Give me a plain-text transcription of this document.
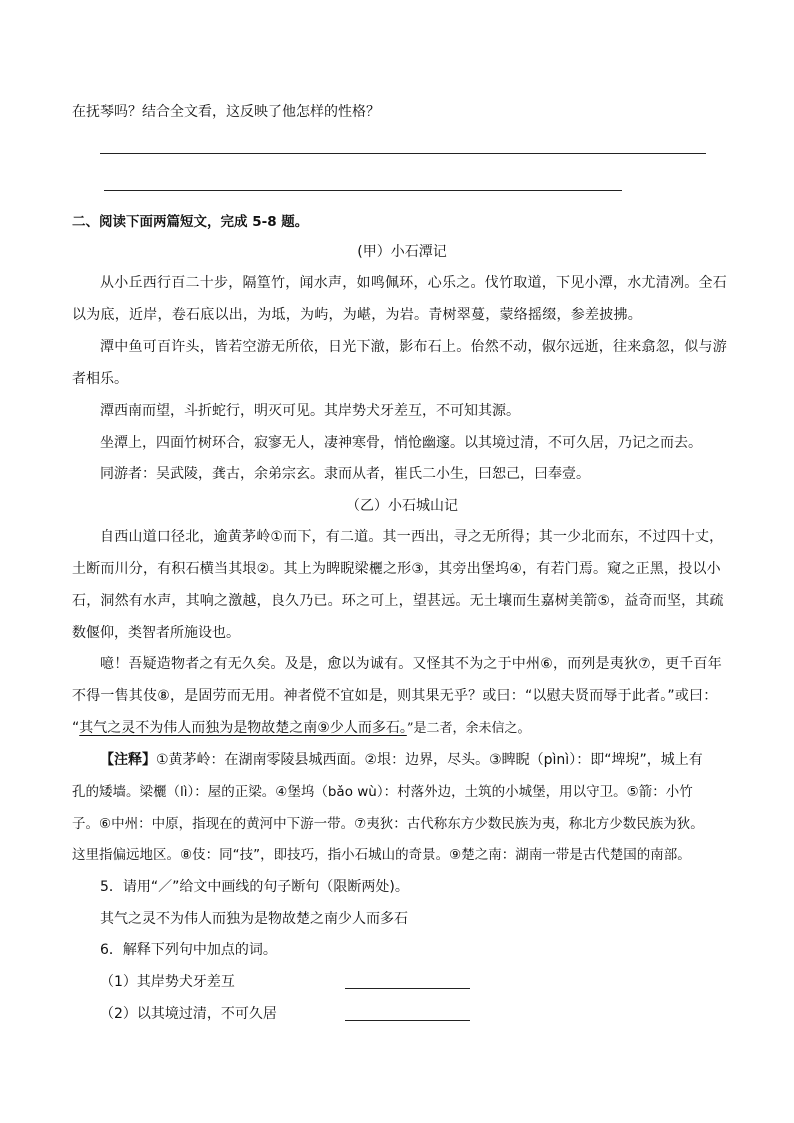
在抚琴吗？结合全文看，这反映了他怎样的性格？
二、阅读下面两篇短文，完成 5-8 题。
(甲）小石潭记
从小丘西行百二十步，隔篁竹，闻水声，如鸣佩环，心乐之。伐竹取道，下见小潭，水尤清冽。全石
以为底，近岸，卷石底以出，为坻，为屿，为嵁，为岩。青树翠蔓，蒙络摇缀，参差披拂。
潭中鱼可百许头，皆若空游无所依，日光下澈，影布石上。佁然不动，俶尔远逝，往来翕忽，似与游
者相乐。
潭西南而望，斗折蛇行，明灭可见。其岸势犬牙差互，不可知其源。
坐潭上，四面竹树环合，寂寥无人，凄神寒骨，悄怆幽邃。以其境过清，不可久居，乃记之而去。
同游者：吴武陵，龚古，余弟宗玄。隶而从者，崔氏二小生，曰恕己，曰奉壹。
（乙）小石城山记
自西山道口径北，逾黄茅岭①而下，有二道。其一西出，寻之无所得；其一少北而东，不过四十丈，
土断而川分，有积石横当其垠②。其上为睥睨梁欐之形③，其旁出堡坞④，有若门焉。窥之正黑，投以小
石，洞然有水声，其响之激越，良久乃已。环之可上，望甚远。无土壤而生嘉树美箭⑤，益奇而坚，其疏
数偃仰，类智者所施设也。
噫！吾疑造物者之有无久矣。及是，愈以为诚有。又怪其不为之于中州⑥，而列是夷狄⑦，更千百年
不得一售其伎⑧，是固劳而无用。神者傥不宜如是，则其果无乎？或曰：“以慰夫贤而辱于此者。”或曰：
“其气之灵不为伟人而独为是物故楚之南⑨少人而多石。”是二者，余未信之。
【注释】①黄茅岭：在湖南零陵县城西面。②垠：边界，尽头。③睥睨（pìnì）：即“埤堄”，城上有
孔的矮墙。梁欐（lì）：屋的正梁。④堡坞（bǎo wù）：村落外边，土筑的小城堡，用以守卫。⑤箭：小竹
子。⑥中州：中原，指现在的黄河中下游一带。⑦夷狄：古代称东方少数民族为夷，称北方少数民族为狄。
这里指偏远地区。⑧伎：同“技”，即技巧，指小石城山的奇景。⑨楚之南：湖南一带是古代楚国的南部。
5．请用“／”给文中画线的句子断句（限断两处)。
其气之灵不为伟人而独为是物故楚之南少人而多石
6．解释下列句中加点的词。
（1）其岸势犬牙差互
（2）以其境过清，不可久居
